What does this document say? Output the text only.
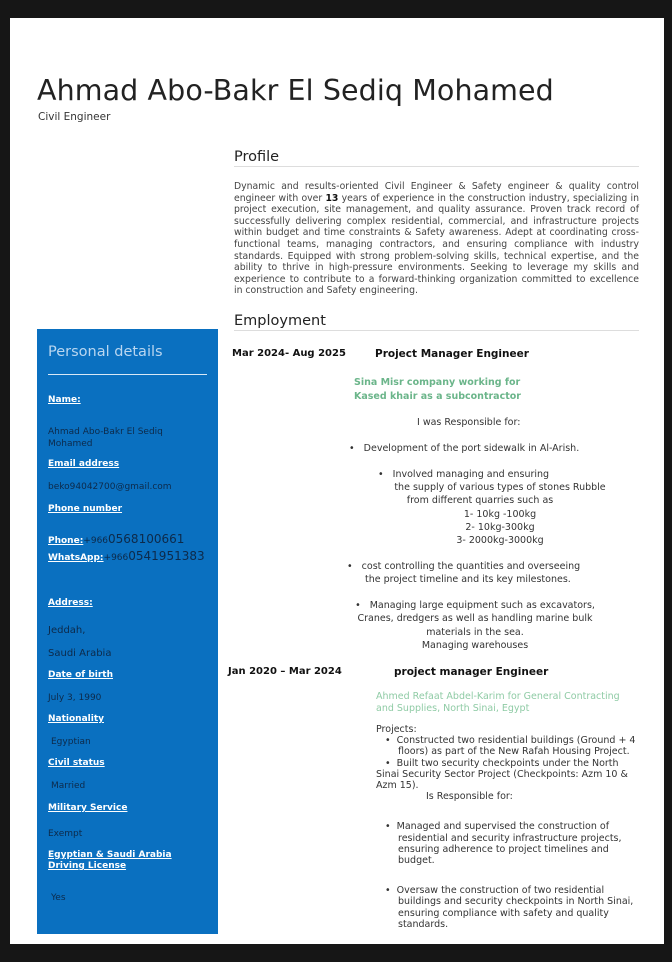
Ahmad Abo-Bakr El Sediq Mohamed
Civil Engineer
Profile
Dynamic and results-oriented Civil Engineer & Safety engineer & quality control engineer with over 13 years of experience in the construction industry, specializing in project execution, site management, and quality assurance. Proven track record of successfully delivering complex residential, commercial, and infrastructure projects within budget and time constraints & Safety awareness. Adept at coordinating cross-functional teams, managing contractors, and ensuring compliance with industry standards. Equipped with strong problem-solving skills, technical expertise, and the ability to thrive in high-pressure environments. Seeking to leverage my skills and experience to contribute to a forward-thinking organization committed to excellence in construction and Safety engineering.
Employment
Personal details
Name:
Ahmad Abo-Bakr El Sediq Mohamed
Email address
beko94042700@gmail.com
Phone number
Phone:+9660568100661
WhatsApp:+9660541951383
Address:
Jeddah,
Saudi Arabia
Date of birth
July 3, 1990
Nationality
Egyptian
Civil status
Married
Military Service
Exempt
Egyptian & Saudi Arabia Driving License
Yes
Mar 2024- Aug 2025	Project Manager Engineer
Sina Misr company working for
Kased khair as a subcontractor
I was Responsible for:
•   Development of the port sidewalk in Al-Arish.
•   Involved managing and ensuring
the supply of various types of stones Rubble
from different quarries such as
1- 10kg -100kg
2- 10kg-300kg
3- 2000kg-3000kg
•   cost controlling the quantities and overseeing
the project timeline and its key milestones.
•   Managing large equipment such as excavators,
Cranes, dredgers as well as handling marine bulk
materials in the sea.
Managing warehouses
Jan 2020 – Mar 2024	project manager Engineer
Ahmed Refaat Abdel-Karim for General Contracting and Supplies, North Sinai, Egypt
Projects:
•  Constructed two residential buildings (Ground + 4 floors) as part of the New Rafah Housing Project.
•  Built two security checkpoints under the North Sinai Security Sector Project (Checkpoints: Azm 10 & Azm 15).
Is Responsible for:
•  Managed and supervised the construction of residential and security infrastructure projects, ensuring adherence to project timelines and budget.
•  Oversaw the construction of two residential buildings and security checkpoints in North Sinai, ensuring compliance with safety and quality standards.
